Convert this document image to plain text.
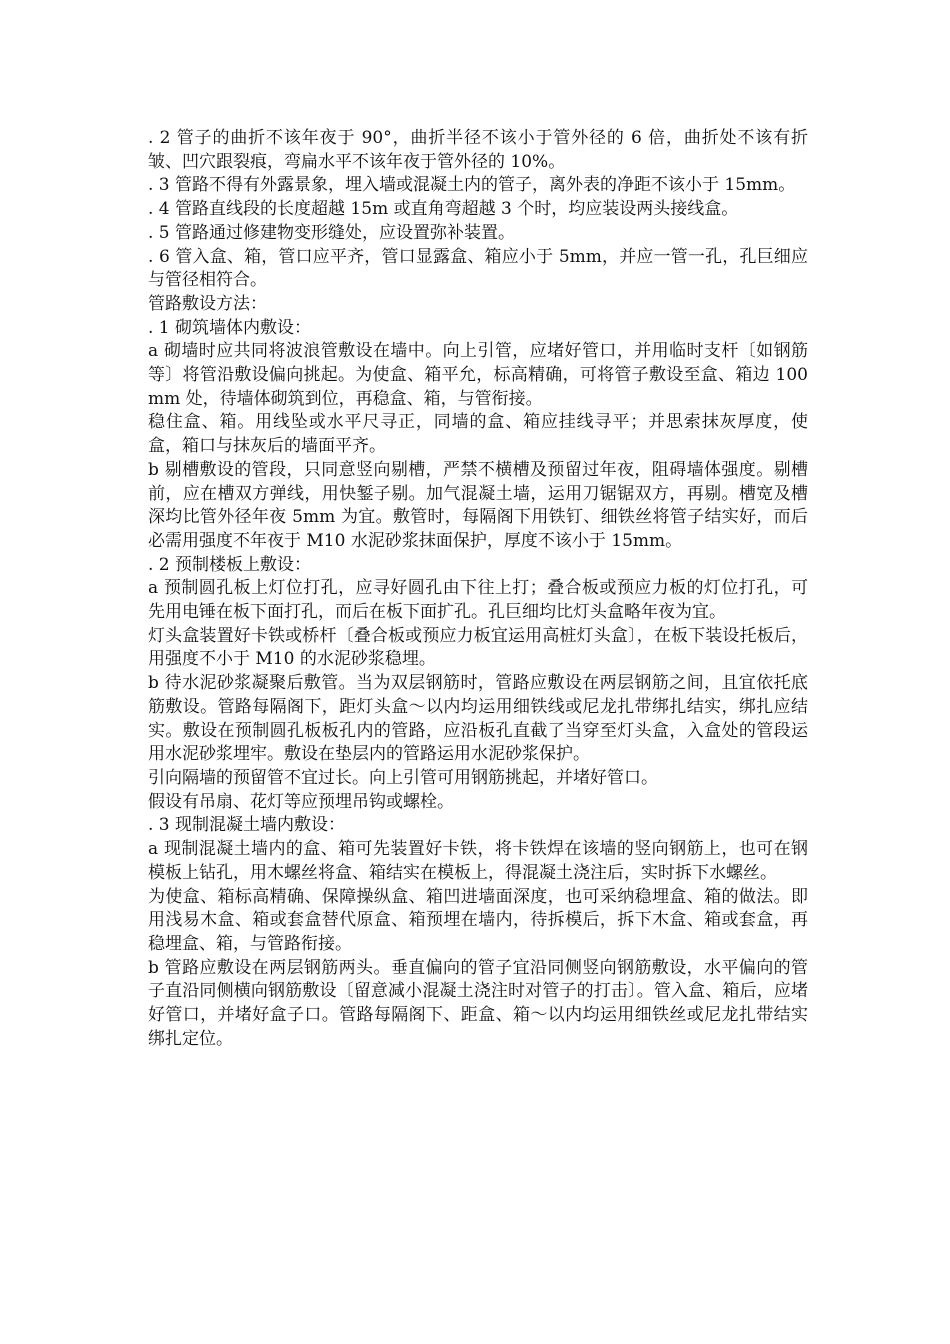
. 2 管子的曲折不该年夜于 90°，曲折半径不该小于管外径的 6 倍，曲折处不该有折皱、凹穴跟裂痕，弯扁水平不该年夜于管外径的 10%。

. 3 管路不得有外露景象，埋入墙或混凝土内的管子，离外表的净距不该小于 15mm。

. 4 管路直线段的长度超越 15m 或直角弯超越 3 个时，均应装设两头接线盒。

. 5 管路通过修建物变形缝处，应设置弥补装置。

. 6 管入盒、箱，管口应平齐，管口显露盒、箱应小于 5mm，并应一管一孔，孔巨细应与管径相符合。

管路敷设方法：

. 1 砌筑墙体内敷设：

a 砌墙时应共同将波浪管敷设在墙中。向上引管，应堵好管口，并用临时支杆〔如钢筋等〕将管沿敷设偏向挑起。为使盒、箱平允，标高精确，可将管子敷设至盒、箱边 100mm 处，待墙体砌筑到位，再稳盒、箱，与管衔接。

稳住盒、箱。用线坠或水平尺寻正，同墙的盒、箱应挂线寻平；并思索抹灰厚度，使盒，箱口与抹灰后的墙面平齐。

b 剔槽敷设的管段，只同意竖向剔槽，严禁不横槽及预留过年夜，阻碍墙体强度。剔槽前，应在槽双方弹线，用快錾子剔。加气混凝土墙，运用刀锯锯双方，再剔。槽宽及槽深均比管外径年夜 5mm 为宜。敷管时，每隔阁下用铁钉、细铁丝将管子结实好，而后必需用强度不年夜于 M10 水泥砂浆抹面保护，厚度不该小于 15mm。

. 2 预制楼板上敷设：

a 预制圆孔板上灯位打孔，应寻好圆孔由下往上打；叠合板或预应力板的灯位打孔，可先用电锤在板下面打孔，而后在板下面扩孔。孔巨细均比灯头盒略年夜为宜。

灯头盒装置好卡铁或桥杆〔叠合板或预应力板宜运用高桩灯头盒〕，在板下装设托板后，用强度不小于 M10 的水泥砂浆稳埋。

b 待水泥砂浆凝聚后敷管。当为双层钢筋时，管路应敷设在两层钢筋之间，且宜依托底筋敷设。管路每隔阁下，距灯头盒～以内均运用细铁线或尼龙扎带绑扎结实，绑扎应结实。敷设在预制圆孔板板孔内的管路，应沿板孔直截了当穿至灯头盒，入盒处的管段运用水泥砂浆埋牢。敷设在垫层内的管路运用水泥砂浆保护。

引向隔墙的预留管不宜过长。向上引管可用钢筋挑起，并堵好管口。

假设有吊扇、花灯等应预埋吊钩或螺栓。

. 3 现制混凝土墙内敷设：

a 现制混凝土墙内的盒、箱可先装置好卡铁，将卡铁焊在该墙的竖向钢筋上，也可在钢模板上钻孔，用木螺丝将盒、箱结实在模板上，得混凝土浇注后，实时拆下水螺丝。

为使盒、箱标高精确、保障操纵盒、箱凹进墙面深度，也可采纳稳埋盒、箱的做法。即用浅易木盒、箱或套盒替代原盒、箱预埋在墙内，待拆模后，拆下木盒、箱或套盒，再稳埋盒、箱，与管路衔接。

b 管路应敷设在两层钢筋两头。垂直偏向的管子宜沿同侧竖向钢筋敷设，水平偏向的管子直沿同侧横向钢筋敷设〔留意减小混凝土浇注时对管子的打击〕。管入盒、箱后，应堵好管口，并堵好盒子口。管路每隔阁下、距盒、箱～以内均运用细铁丝或尼龙扎带结实绑扎定位。
